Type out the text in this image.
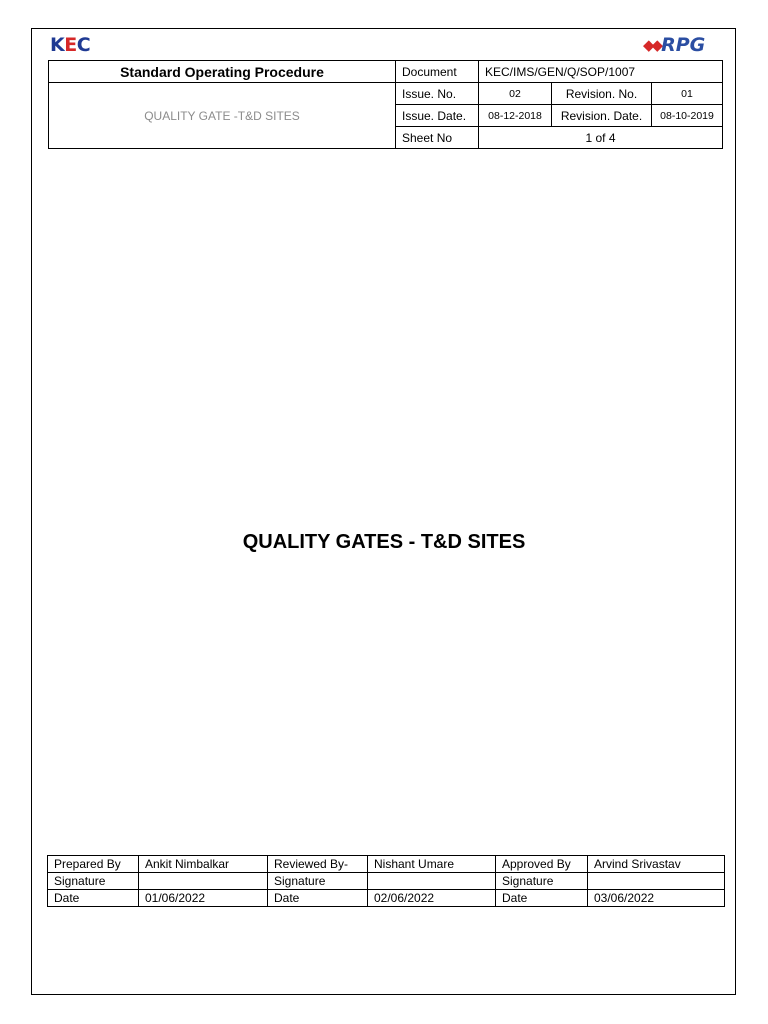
KEC	◆◆ RPG
Standard Operating Procedure	Document	KEC/IMS/GEN/Q/SOP/1007		
QUALITY GATE -T&D SITES	Issue. No.	02	Revision. No.	01
	Issue. Date.	08-12-2018	Revision. Date.	08-10-2019
	Sheet No	1 of 4		
QUALITY GATES - T&D SITES
Prepared By	Ankit Nimbalkar	Reviewed By-	Nishant Umare	Approved By	Arvind Srivastav
Signature		Signature		Signature	
Date	01/06/2022	Date	02/06/2022	Date	03/06/2022
